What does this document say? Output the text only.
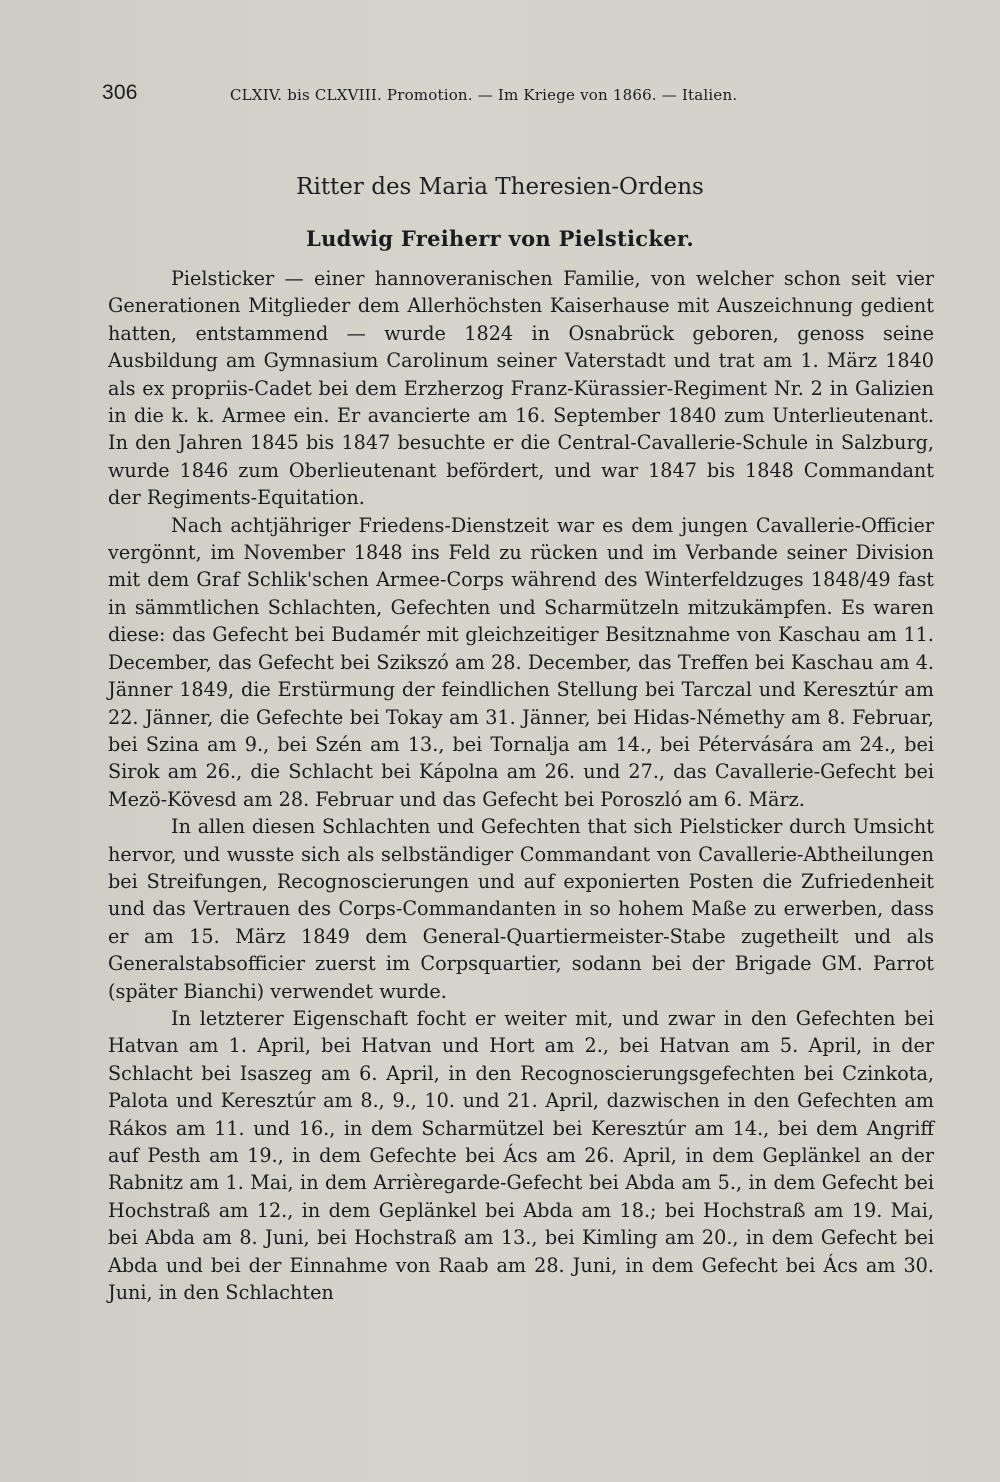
306	CLXIV. bis CLXVIII. Promotion. — Im Kriege von 1866. — Italien.
Ritter des Maria Theresien-Ordens
Ludwig Freiherr von Pielsticker.

Pielsticker — einer hannoveranischen Familie, von welcher schon seit vier Generationen Mitglieder dem Allerhöchsten Kaiserhause mit Auszeichnung gedient hatten, entstammend — wurde 1824 in Osnabrück geboren, genoss seine Ausbildung am Gymnasium Carolinum seiner Vaterstadt und trat am 1. März 1840 als ex propriis-Cadet bei dem Erzherzog Franz-Kürassier-Regiment Nr. 2 in Galizien in die k. k. Armee ein. Er avancierte am 16. September 1840 zum Unterlieutenant. In den Jahren 1845 bis 1847 besuchte er die Central-Cavallerie-Schule in Salzburg, wurde 1846 zum Oberlieutenant befördert, und war 1847 bis 1848 Commandant der Regiments-Equitation.

Nach achtjähriger Friedens-Dienstzeit war es dem jungen Cavallerie-Officier vergönnt, im November 1848 ins Feld zu rücken und im Verbande seiner Division mit dem Graf Schlik'schen Armee-Corps während des Winterfeldzuges 1848/49 fast in sämmtlichen Schlachten, Gefechten und Scharmützeln mitzukämpfen. Es waren diese: das Gefecht bei Budamér mit gleichzeitiger Besitznahme von Kaschau am 11. December, das Gefecht bei Szikszó am 28. December, das Treffen bei Kaschau am 4. Jänner 1849, die Erstürmung der feindlichen Stellung bei Tarczal und Keresztúr am 22. Jänner, die Gefechte bei Tokay am 31. Jänner, bei Hidas-Némethy am 8. Februar, bei Szina am 9., bei Szén am 13., bei Tornalja am 14., bei Pétervására am 24., bei Sirok am 26., die Schlacht bei Kápolna am 26. und 27., das Cavallerie-Gefecht bei Mezö-Kövesd am 28. Februar und das Gefecht bei Poroszló am 6. März.

In allen diesen Schlachten und Gefechten that sich Pielsticker durch Umsicht hervor, und wusste sich als selbständiger Commandant von Cavallerie-Abtheilungen bei Streifungen, Recognoscierungen und auf exponierten Posten die Zufriedenheit und das Vertrauen des Corps-Commandanten in so hohem Maße zu erwerben, dass er am 15. März 1849 dem General-Quartiermeister-Stabe zugetheilt und als Generalstabsofficier zuerst im Corpsquartier, sodann bei der Brigade GM. Parrot (später Bianchi) verwendet wurde.

In letzterer Eigenschaft focht er weiter mit, und zwar in den Gefechten bei Hatvan am 1. April, bei Hatvan und Hort am 2., bei Hatvan am 5. April, in der Schlacht bei Isaszeg am 6. April, in den Recognoscierungsgefechten bei Czinkota, Palota und Keresztúr am 8., 9., 10. und 21. April, dazwischen in den Gefechten am Rákos am 11. und 16., in dem Scharmützel bei Keresztúr am 14., bei dem Angriff auf Pesth am 19., in dem Gefechte bei Ács am 26. April, in dem Geplänkel an der Rabnitz am 1. Mai, in dem Arrièregarde-Gefecht bei Abda am 5., in dem Gefecht bei Hochstraß am 12., in dem Geplänkel bei Abda am 18.; bei Hochstraß am 19. Mai, bei Abda am 8. Juni, bei Hochstraß am 13., bei Kimling am 20., in dem Gefecht bei Abda und bei der Einnahme von Raab am 28. Juni, in dem Gefecht bei Ács am 30. Juni, in den Schlachten
